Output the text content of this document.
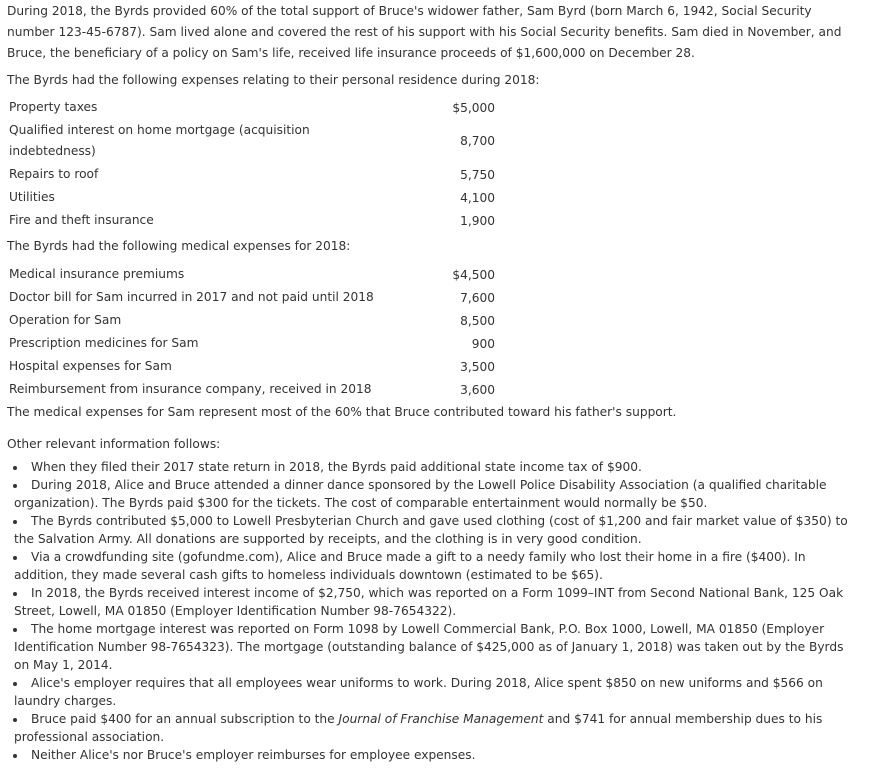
During 2018, the Byrds provided 60% of the total support of Bruce's widower father, Sam Byrd (born March 6, 1942, Social Security number 123-45-6787). Sam lived alone and covered the rest of his support with his Social Security benefits. Sam died in November, and Bruce, the beneficiary of a policy on Sam's life, received life insurance proceeds of $1,600,000 on December 28.

The Byrds had the following expenses relating to their personal residence during 2018:

Property taxes	$5,000

Qualified interest on home mortgage (acquisition indebtedness)	8,700
Repairs to roof	5,750
Utilities	4,100
Fire and theft insurance	1,900

The Byrds had the following medical expenses for 2018:

Medical insurance premiums	$4,500
Doctor bill for Sam incurred in 2017 and not paid until 2018	7,600
Operation for Sam	8,500
Prescription medicines for Sam	900
Hospital expenses for Sam	3,500
Reimbursement from insurance company, received in 2018	3,600

The medical expenses for Sam represent most of the 60% that Bruce contributed toward his father's support.

Other relevant information follows:

When they filed their 2017 state return in 2018, the Byrds paid additional state income tax of $900.
During 2018, Alice and Bruce attended a dinner dance sponsored by the Lowell Police Disability Association (a qualified charitable organization). The Byrds paid $300 for the tickets. The cost of comparable entertainment would normally be $50.
The Byrds contributed $5,000 to Lowell Presbyterian Church and gave used clothing (cost of $1,200 and fair market value of $350) to the Salvation Army. All donations are supported by receipts, and the clothing is in very good condition.
Via a crowdfunding site (gofundme.com), Alice and Bruce made a gift to a needy family who lost their home in a fire ($400). In addition, they made several cash gifts to homeless individuals downtown (estimated to be $65).
In 2018, the Byrds received interest income of $2,750, which was reported on a Form 1099–INT from Second National Bank, 125 Oak Street, Lowell, MA 01850 (Employer Identification Number 98-7654322).
The home mortgage interest was reported on Form 1098 by Lowell Commercial Bank, P.O. Box 1000, Lowell, MA 01850 (Employer Identification Number 98-7654323). The mortgage (outstanding balance of $425,000 as of January 1, 2018) was taken out by the Byrds on May 1, 2014.
Alice's employer requires that all employees wear uniforms to work. During 2018, Alice spent $850 on new uniforms and $566 on laundry charges.
Bruce paid $400 for an annual subscription to the Journal of Franchise Management and $741 for annual membership dues to his professional association.
Neither Alice's nor Bruce's employer reimburses for employee expenses.
